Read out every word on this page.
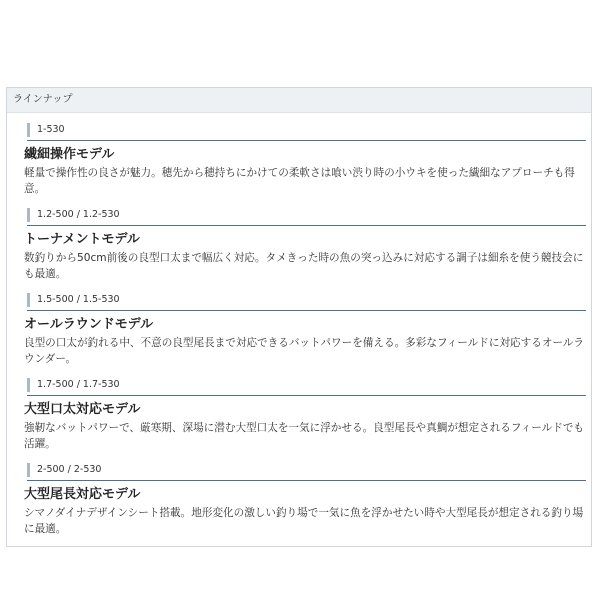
ラインナップ
1-530
繊細操作モデル
軽量で操作性の良さが魅力。穂先から穂持ちにかけての柔軟さは喰い渋り時の小ウキを使った繊細なアプローチも得意。
1.2-500 / 1.2-530
トーナメントモデル
数釣りから50cm前後の良型口太まで幅広く対応。タメきった時の魚の突っ込みに対応する調子は細糸を使う競技会にも最適。
1.5-500 / 1.5-530
オールラウンドモデル
良型の口太が釣れる中、不意の良型尾長まで対応できるバットパワーを備える。多彩なフィールドに対応するオールラウンダー。
1.7-500 / 1.7-530
大型口太対応モデル
強靭なバットパワーで、厳寒期、深場に潜む大型口太を一気に浮かせる。良型尾長や真鯛が想定されるフィールドでも活躍。
2-500 / 2-530
大型尾長対応モデル
シマノダイナデザインシート搭載。地形変化の激しい釣り場で一気に魚を浮かせたい時や大型尾長が想定される釣り場に最適。
